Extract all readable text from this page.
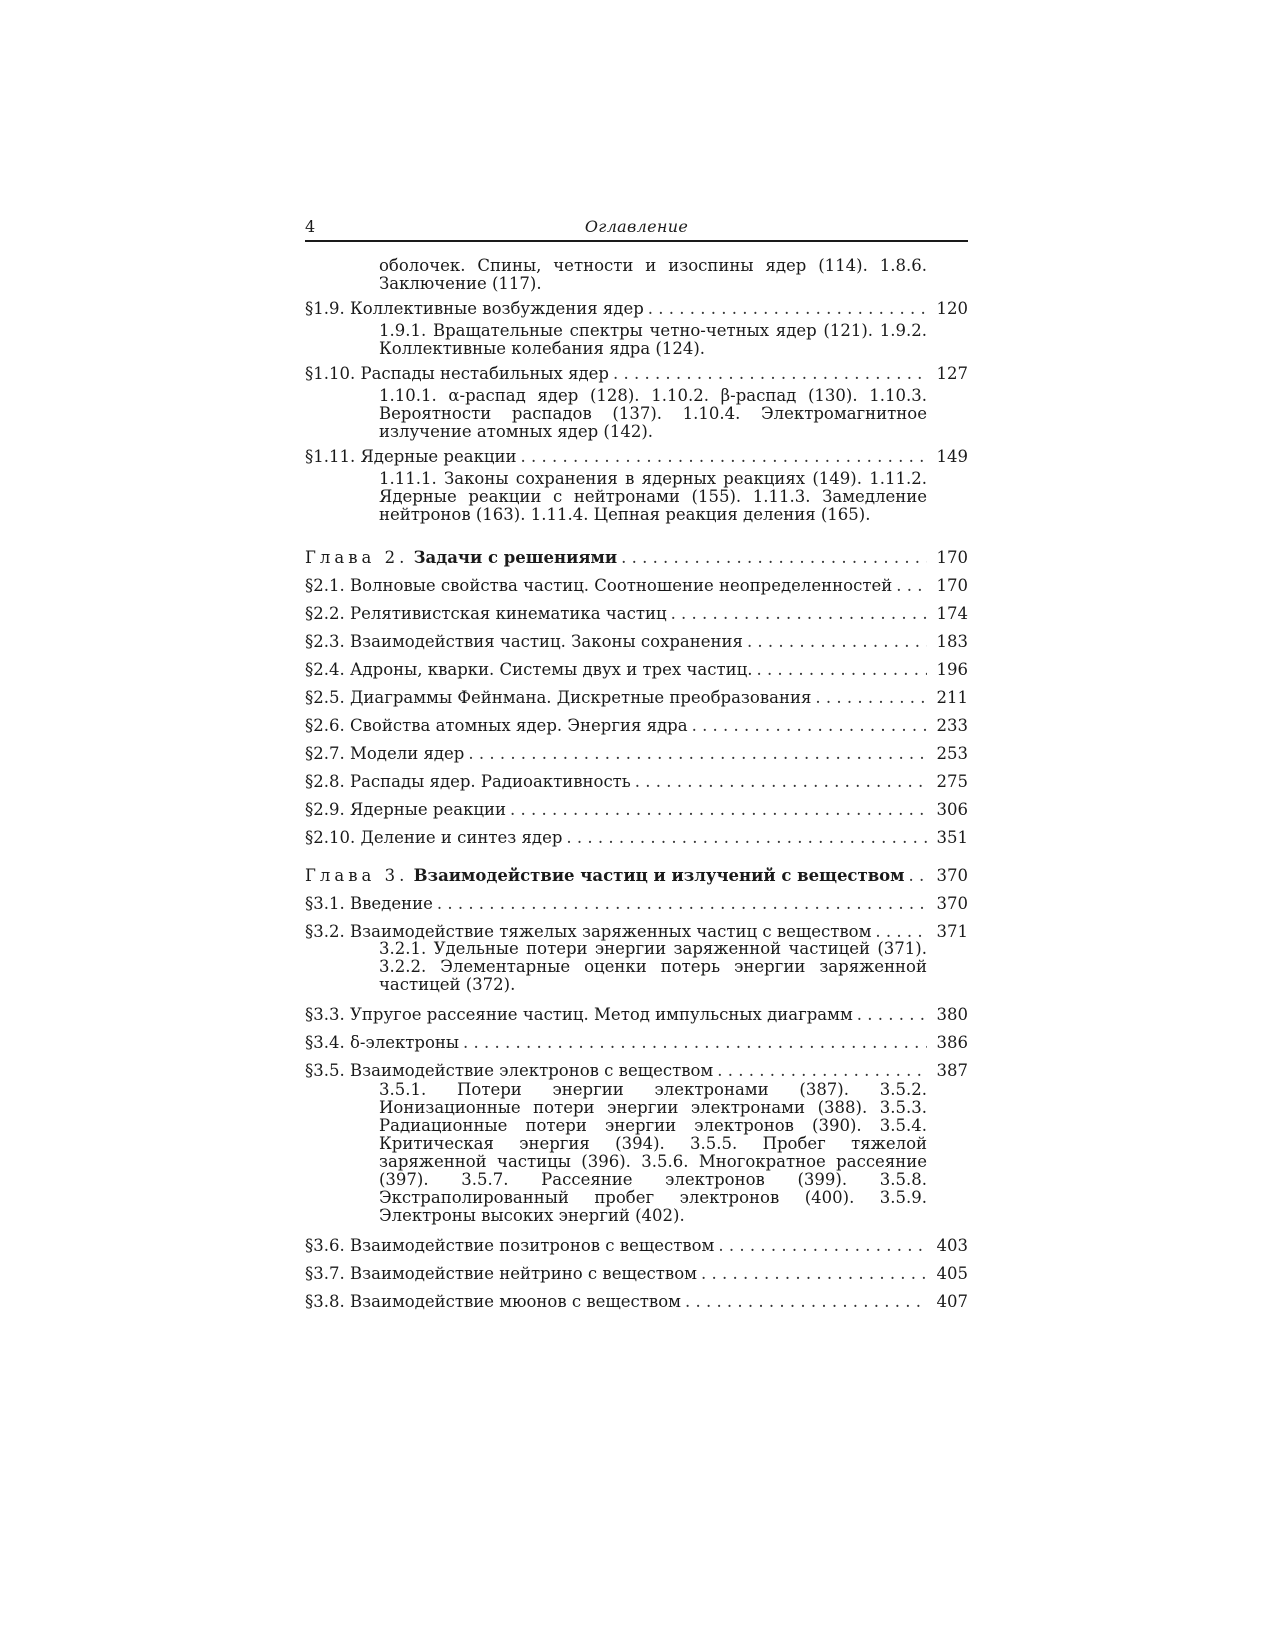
4	Оглавление
оболочек. Спины, четности и изоспины ядер (114). 1.8.6. Заключение (117).
§1.9. Коллективные возбуждения ядер . . .	120
1.9.1. Вращательные спектры четно-четных ядер (121). 1.9.2. Коллективные колебания ядра (124).
§1.10. Распады нестабильных ядер . . .	127
1.10.1. α-распад ядер (128). 1.10.2. β-распад (130). 1.10.3. Вероятности распадов (137). 1.10.4. Электромагнитное излучение атомных ядер (142).
§1.11. Ядерные реакции . . .	149
1.11.1. Законы сохранения в ядерных реакциях (149). 1.11.2. Ядерные реакции с нейтронами (155). 1.11.3. Замедление нейтронов (163). 1.11.4. Цепная реакция деления (165).
Глава 2. Задачи с решениями . . .	170
§2.1. Волновые свойства частиц. Соотношение неопределенностей . . .	170
§2.2. Релятивистская кинематика частиц . . .	174
§2.3. Взаимодействия частиц. Законы сохранения . . .	183
§2.4. Адроны, кварки. Системы двух и трех частиц. . . .	196
§2.5. Диаграммы Фейнмана. Дискретные преобразования . . .	211
§2.6. Свойства атомных ядер. Энергия ядра . . .	233
§2.7. Модели ядер . . .	253
§2.8. Распады ядер. Радиоактивность . . .	275
§2.9. Ядерные реакции . . .	306
§2.10. Деление и синтез ядер . . .	351
Глава 3. Взаимодействие частиц и излучений с веществом . . .	370
§3.1. Введение . . .	370
§3.2. Взаимодействие тяжелых заряженных частиц с веществом . . .	371
3.2.1. Удельные потери энергии заряженной частицей (371). 3.2.2. Элементарные оценки потерь энергии заряженной частицей (372).
§3.3. Упругое рассеяние частиц. Метод импульсных диаграмм . . .	380
§3.4. δ-электроны . . .	386
§3.5. Взаимодействие электронов с веществом . . .	387
3.5.1. Потери энергии электронами (387). 3.5.2. Ионизационные потери энергии электронами (388). 3.5.3. Радиационные потери энергии электронов (390). 3.5.4. Критическая энергия (394). 3.5.5. Пробег тяжелой заряженной частицы (396). 3.5.6. Многократное рассеяние (397). 3.5.7. Рассеяние электронов (399). 3.5.8. Экстраполированный пробег электронов (400). 3.5.9. Электроны высоких энергий (402).
§3.6. Взаимодействие позитронов с веществом . . .	403
§3.7. Взаимодействие нейтрино с веществом . . .	405
§3.8. Взаимодействие мюонов с веществом . . .	407
